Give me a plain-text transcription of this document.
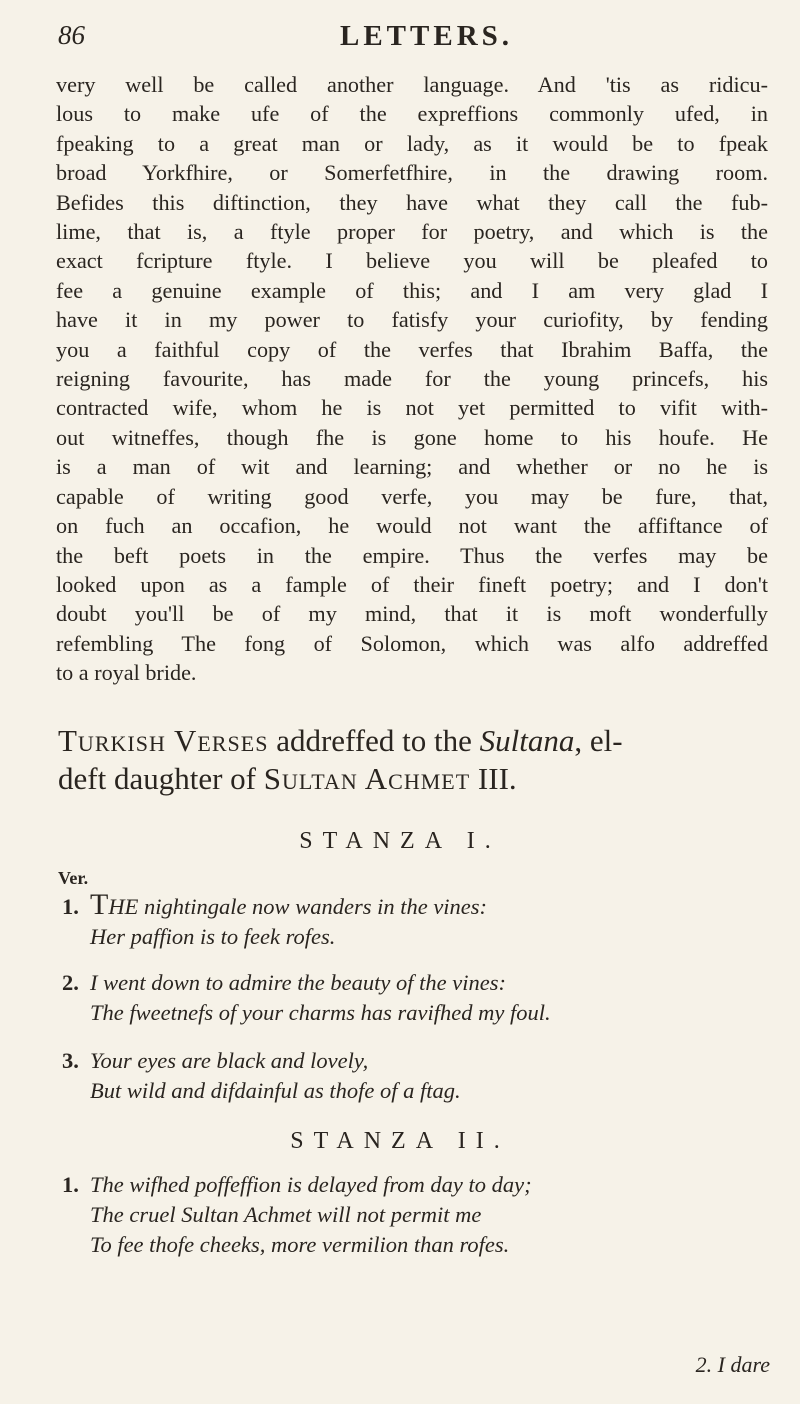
86	LETTERS.

very well be called another language. And 'tis as ridicu-
lous to make ufe of the expreffions commonly ufed, in
fpeaking to a great man or lady, as it would be to fpeak
broad Yorkfhire, or Somerfetfhire, in the drawing room.
Befides this diftinction, they have what they call the fub-
lime, that is, a ftyle proper for poetry, and which is the
exact fcripture ftyle. I believe you will be pleafed to
fee a genuine example of this; and I am very glad I
have it in my power to fatisfy your curiofity, by fending
you a faithful copy of the verfes that Ibrahim Baffa, the
reigning favourite, has made for the young princefs, his
contracted wife, whom he is not yet permitted to vifit with-
out witneffes, though fhe is gone home to his houfe. He
is a man of wit and learning; and whether or no he is
capable of writing good verfe, you may be fure, that,
on fuch an occafion, he would not want the affiftance of
the beft poets in the empire. Thus the verfes may be
looked upon as a fample of their fineft poetry; and I don't
doubt you'll be of my mind, that it is moft wonderfully
refembling The fong of Solomon, which was alfo addreffed
to a royal bride.

Turkish Verses addreffed to the Sultana, el-
deft daughter of Sultan Achmet III.
STANZA I.
Ver.
1. THE nightingale now wanders in the vines:
Her paffion is to feek rofes.
2. I went down to admire the beauty of the vines:
The fweetnefs of your charms has ravifhed my foul.
3. Your eyes are black and lovely,
But wild and difdainful as thofe of a ftag.
STANZA II.
1. The wifhed poffeffion is delayed from day to day;
The cruel Sultan Achmet will not permit me
To fee thofe cheeks, more vermilion than rofes.
2. I dare
